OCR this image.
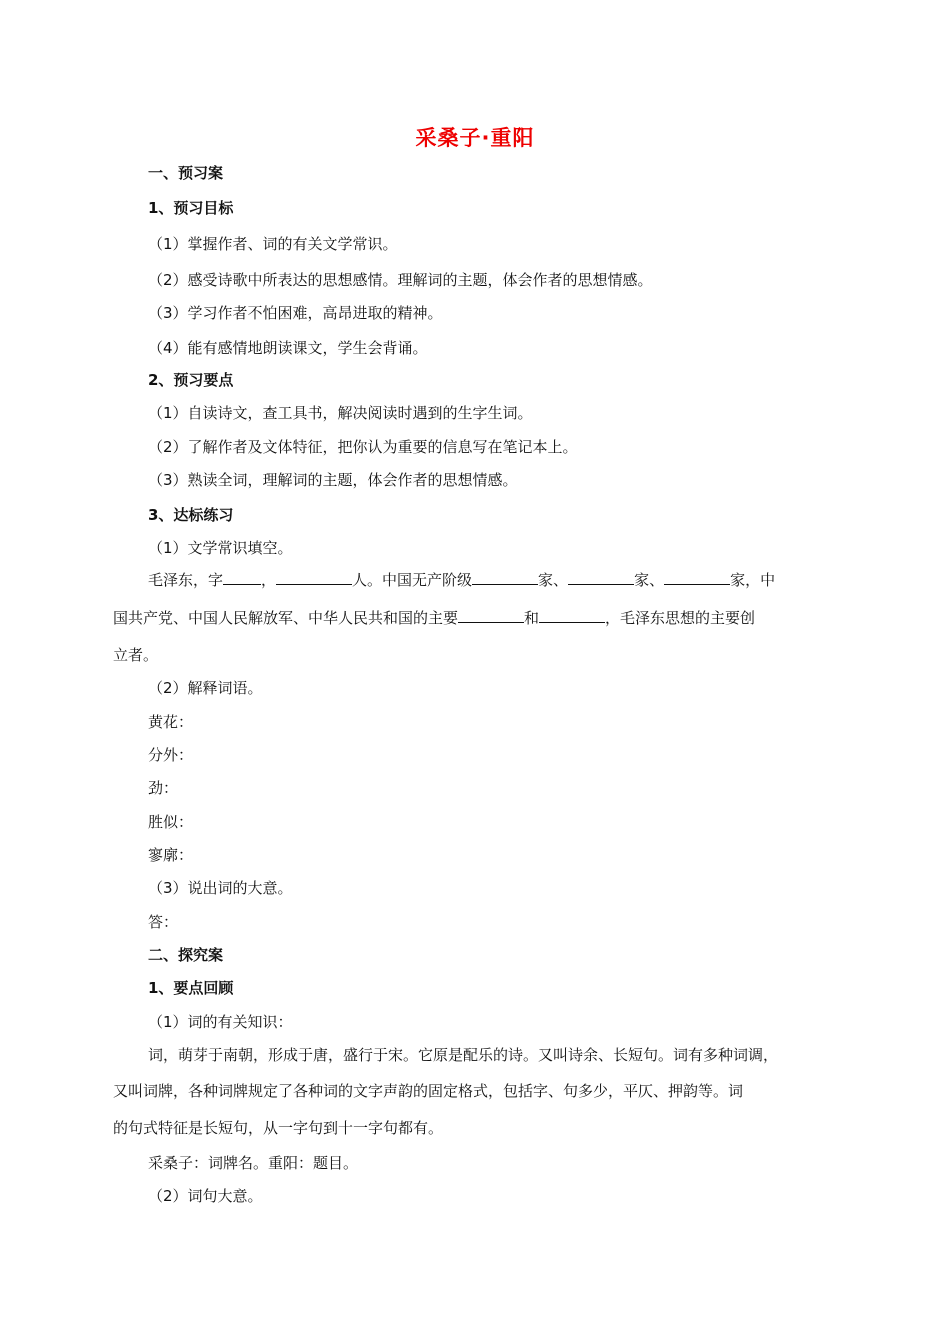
采桑子·重阳
一、预习案
1、预习目标
（1）掌握作者、词的有关文学常识。
（2）感受诗歌中所表达的思想感情。理解词的主题，体会作者的思想情感。
（3）学习作者不怕困难，高昂进取的精神。
（4）能有感情地朗读课文，学生会背诵。
2、预习要点
（1）自读诗文，查工具书，解决阅读时遇到的生字生词。
（2）了解作者及文体特征，把你认为重要的信息写在笔记本上。
（3）熟读全词，理解词的主题，体会作者的思想情感。
3、达标练习
（1）文学常识填空。
毛泽东，字	，	人。中国无产阶级	家、	家、	家，中
国共产党、中国人民解放军、中华人民共和国的主要	和	，毛泽东思想的主要创
立者。
（2）解释词语。
黄花：
分外：
劲：
胜似：
寥廓：
（3）说出词的大意。
答：
二、探究案
1、要点回顾
（1）词的有关知识：
词，萌芽于南朝，形成于唐，盛行于宋。它原是配乐的诗。又叫诗余、长短句。词有多种词调，
又叫词牌，各种词牌规定了各种词的文字声韵的固定格式，包括字、句多少，平仄、押韵等。词
的句式特征是长短句，从一字句到十一字句都有。
采桑子：词牌名。重阳：题目。
（2）词句大意。
